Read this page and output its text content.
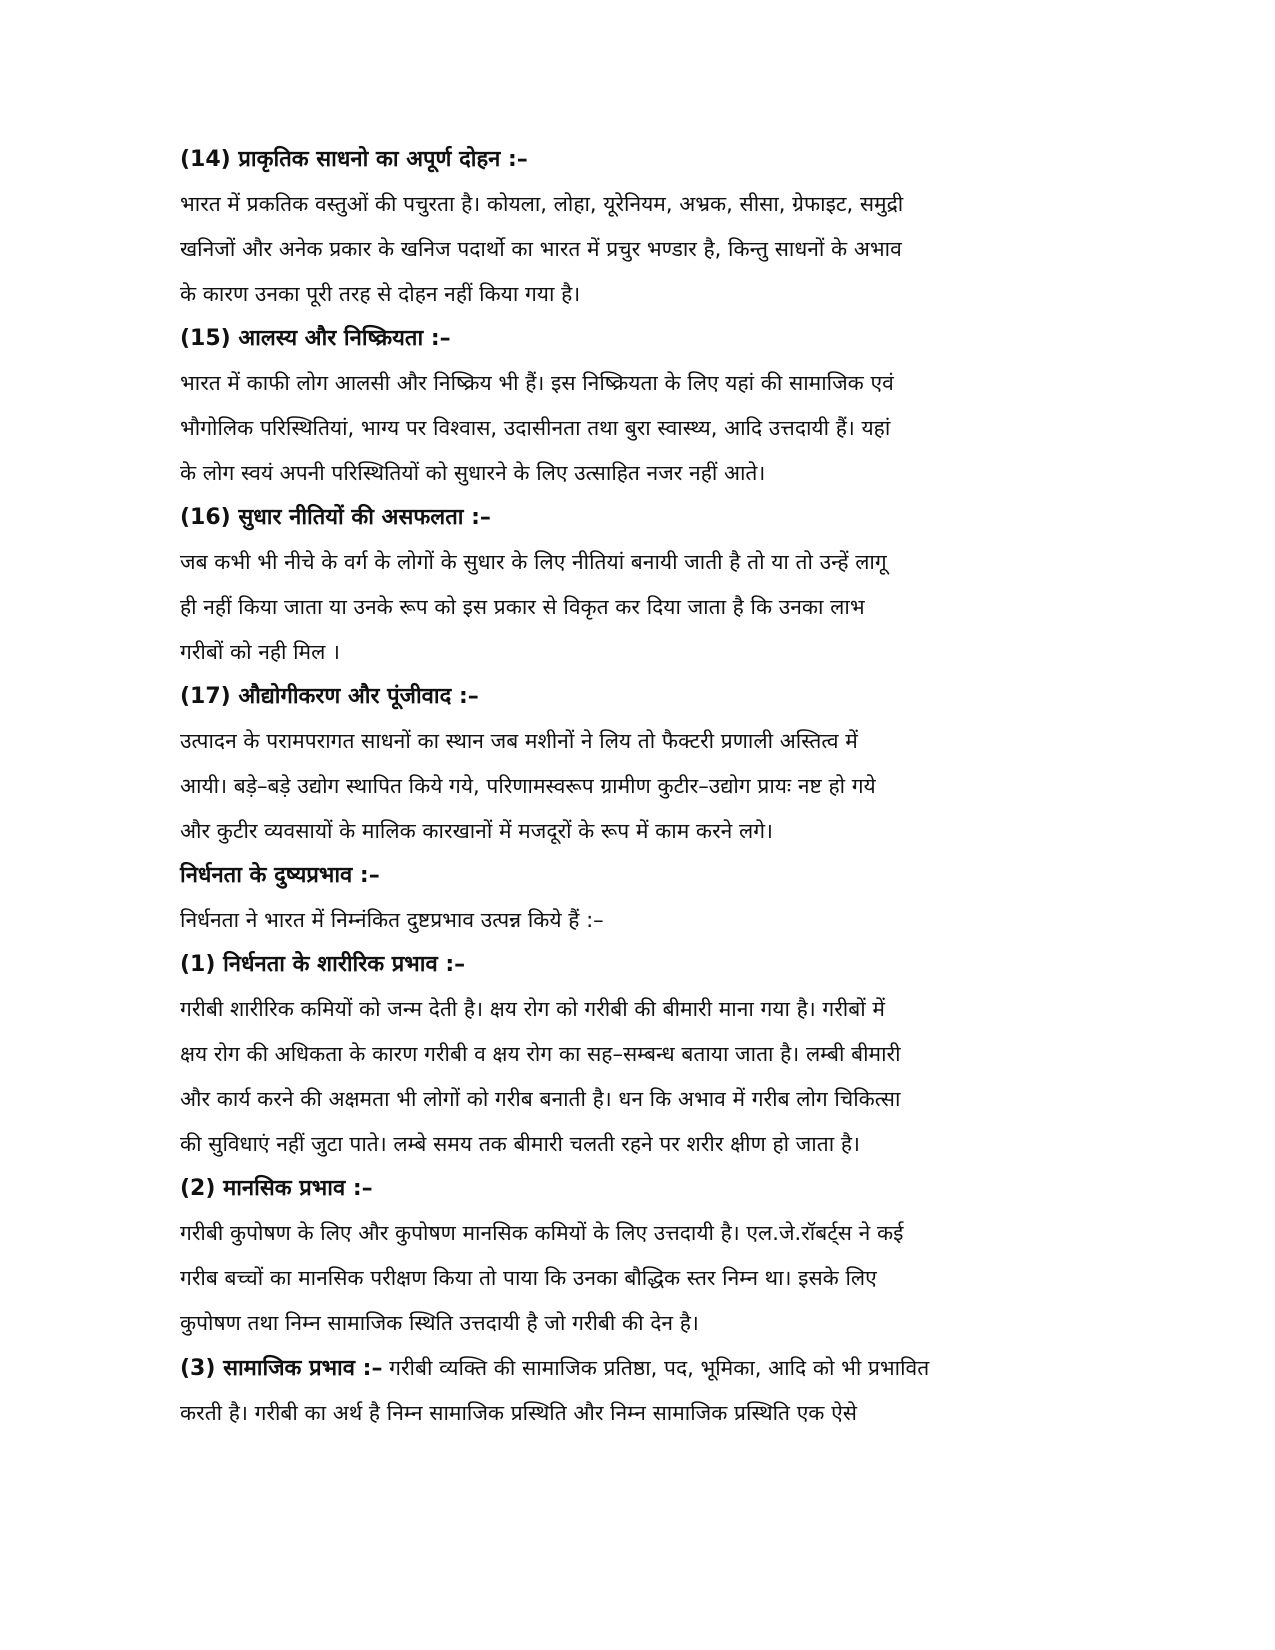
(14) प्राकृतिक साधनो का अपूर्ण दोहन :–
भारत में प्रकतिक वस्तुओं की पचुरता है। कोयला, लोहा, यूरेनियम, अभ्रक, सीसा, ग्रेफाइट, समुद्री
खनिजों और अनेक प्रकार के खनिज पदार्थो का भारत में प्रचुर भण्डार है, किन्तु साधनों के अभाव
के कारण उनका पूरी तरह से दोहन नहीं किया गया है।
(15) आलस्य और निष्क्रियता :–
भारत में काफी लोग आलसी और निष्क्रिय भी हैं। इस निष्क्रियता के लिए यहां की सामाजिक एवं
भौगोलिक परिस्थितियां, भाग्य पर विश्वास, उदासीनता तथा बुरा स्वास्थ्य, आदि उत्तदायी हैं। यहां
के लोग स्वयं अपनी परिस्थितियों को सुधारने के लिए उत्साहित नजर नहीं आते।
(16) सुधार नीतियों की असफलता :–
जब कभी भी नीचे के वर्ग के लोगों के सुधार के लिए नीतियां बनायी जाती है तो या तो उन्हें लागू
ही नहीं किया जाता या उनके रूप को इस प्रकार से विकृत कर दिया जाता है कि उनका लाभ
गरीबों को नही मिल ।
(17) औद्योगीकरण और पूंजीवाद :–
उत्पादन के परामपरागत साधनों का स्थान जब मशीनों ने लिय तो फैक्टरी प्रणाली अस्तित्व में
आयी। बड़े–बड़े उद्योग स्थापित किये गये, परिणामस्वरूप ग्रामीण कुटीर–उद्योग प्रायः नष्ट हो गये
और कुटीर व्यवसायों के मालिक कारखानों में मजदूरों के रूप में काम करने लगे।
निर्धनता के दुष्यप्रभाव :–
निर्धनता ने भारत में निम्नंकित दुष्टप्रभाव उत्पन्न किये हैं :–
(1) निर्धनता के शारीरिक प्रभाव :–
गरीबी शारीरिक कमियों को जन्म देती है। क्षय रोग को गरीबी की बीमारी माना गया है। गरीबों में
क्षय रोग की अधिकता के कारण गरीबी व क्षय रोग का सह–सम्बन्ध बताया जाता है। लम्बी बीमारी
और कार्य करने की अक्षमता भी लोगों को गरीब बनाती है। धन कि अभाव में गरीब लोग चिकित्सा
की सुविधाएं नहीं जुटा पाते। लम्बे समय तक बीमारी चलती रहने पर शरीर क्षीण हो जाता है।
(2) मानसिक प्रभाव :–
गरीबी कुपोषण के लिए और कुपोषण मानसिक कमियों के लिए उत्तदायी है। एल.जे.रॉबर्ट्स ने कई
गरीब बच्चों का मानसिक परीक्षण किया तो पाया कि उनका बौद्धिक स्तर निम्न था। इसके लिए
कुपोषण तथा निम्न सामाजिक स्थिति उत्तदायी है जो गरीबी की देन है।
(3) सामाजिक प्रभाव :– गरीबी व्यक्ति की सामाजिक प्रतिष्ठा, पद, भूमिका, आदि को भी प्रभावित
करती है। गरीबी का अर्थ है निम्न सामाजिक प्रस्थिति और निम्न सामाजिक प्रस्थिति एक ऐसे
